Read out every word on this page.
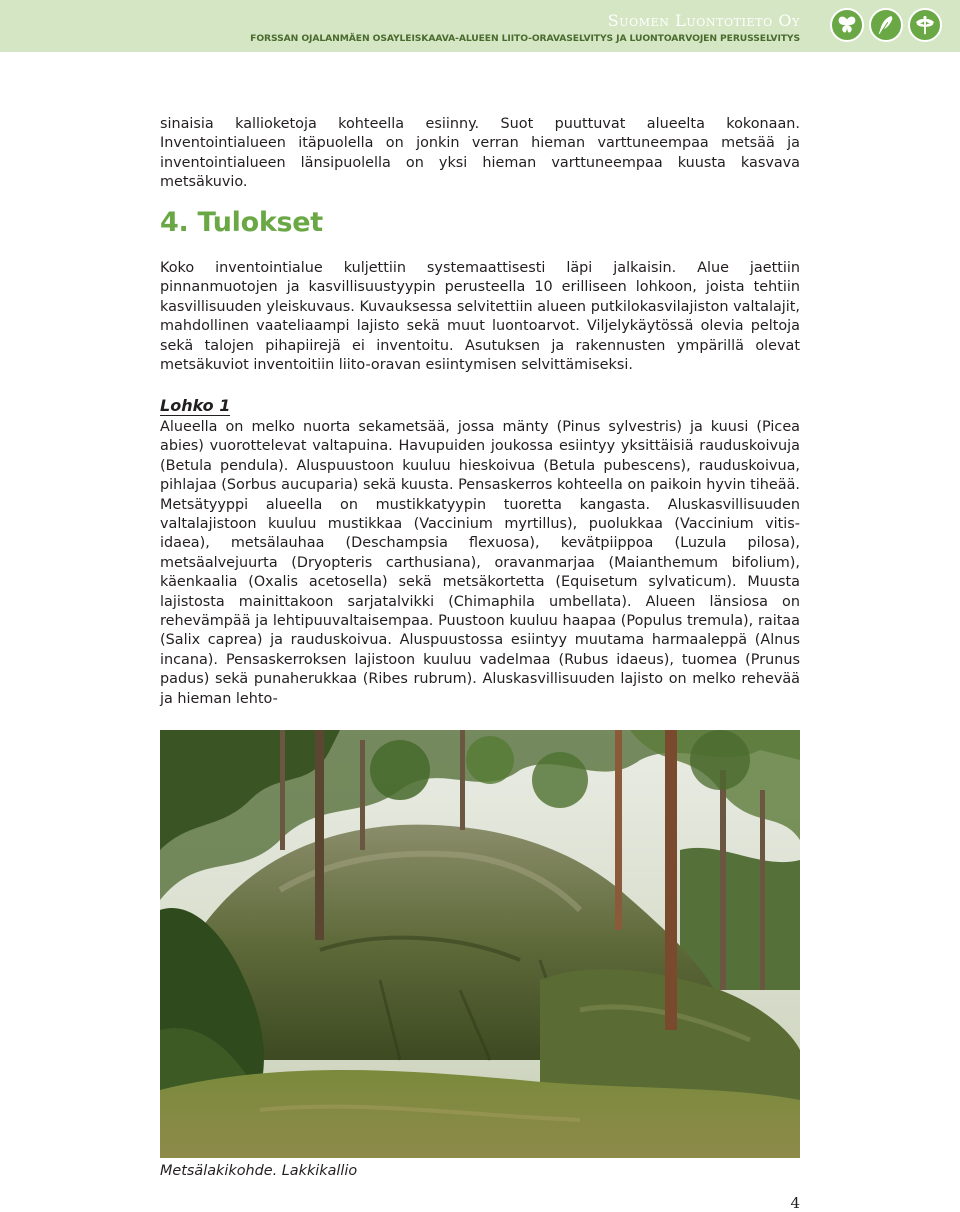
Suomen Luontotieto Oy
FORSSAN OJALANMÄEN OSAYLEISKAAVA-ALUEEN LIITO-ORAVASELVITYS JA LUONTOARVOJEN PERUSSELVITYS

sinaisia kallioketoja kohteella esiinny. Suot puuttuvat alueelta kokonaan. Inventointialueen itäpuolella on jonkin verran hieman varttuneempaa metsää ja inventointialueen länsipuolella on yksi hieman varttuneempaa kuusta kasvava metsäkuvio.

4. Tulokset

Koko inventointialue kuljettiin systemaattisesti läpi jalkaisin. Alue jaettiin pinnanmuotojen ja kasvillisuustyypin perusteella 10 erilliseen lohkoon, joista tehtiin kasvillisuuden yleiskuvaus. Kuvauksessa selvitettiin alueen putkilokasvilajiston valtalajit, mahdollinen vaateliaampi lajisto sekä muut luontoarvot. Viljelykäytössä olevia peltoja sekä talojen pihapiirejä ei inventoitu. Asutuksen ja rakennusten ympärillä olevat metsäkuviot inventoitiin liito-oravan esiintymisen selvittämiseksi.

Lohko 1

Alueella on melko nuorta sekametsää, jossa mänty (Pinus sylvestris) ja kuusi (Picea abies) vuorottelevat valtapuina. Havupuiden joukossa esiintyy yksittäisiä rauduskoivuja (Betula pendula). Aluspuustoon kuuluu hieskoivua (Betula pubescens), rauduskoivua, pihlajaa (Sorbus aucuparia) sekä kuusta. Pensaskerros kohteella on paikoin hyvin tiheää. Metsätyyppi alueella on mustikkatyypin tuoretta kangasta. Aluskasvillisuuden valtalajistoon kuuluu mustikkaa (Vaccinium myrtillus), puolukkaa (Vaccinium vitis-idaea), metsälauhaa (Deschampsia flexuosa), kevätpiippoa (Luzula pilosa), metsäalvejuurta (Dryopteris carthusiana), oravanmarjaa (Maianthemum bifolium), käenkaalia (Oxalis acetosella) sekä metsäkortetta (Equisetum sylvaticum). Muusta lajistosta mainittakoon sarjatalvikki (Chimaphila umbellata). Alueen länsiosa on rehevämpää ja lehtipuuvaltaisempaa. Puustoon kuuluu haapaa (Populus tremula), raitaa (Salix caprea) ja rauduskoivua. Aluspuustossa esiintyy muutama harmaaleppä (Alnus incana). Pensaskerroksen lajistoon kuuluu vadelmaa (Rubus idaeus), tuomea (Prunus padus) sekä punaherukkaa (Ribes rubrum). Aluskasvillisuuden lajisto on melko rehevää ja hieman lehto-

Metsälakikohde. Lakkikallio
4
